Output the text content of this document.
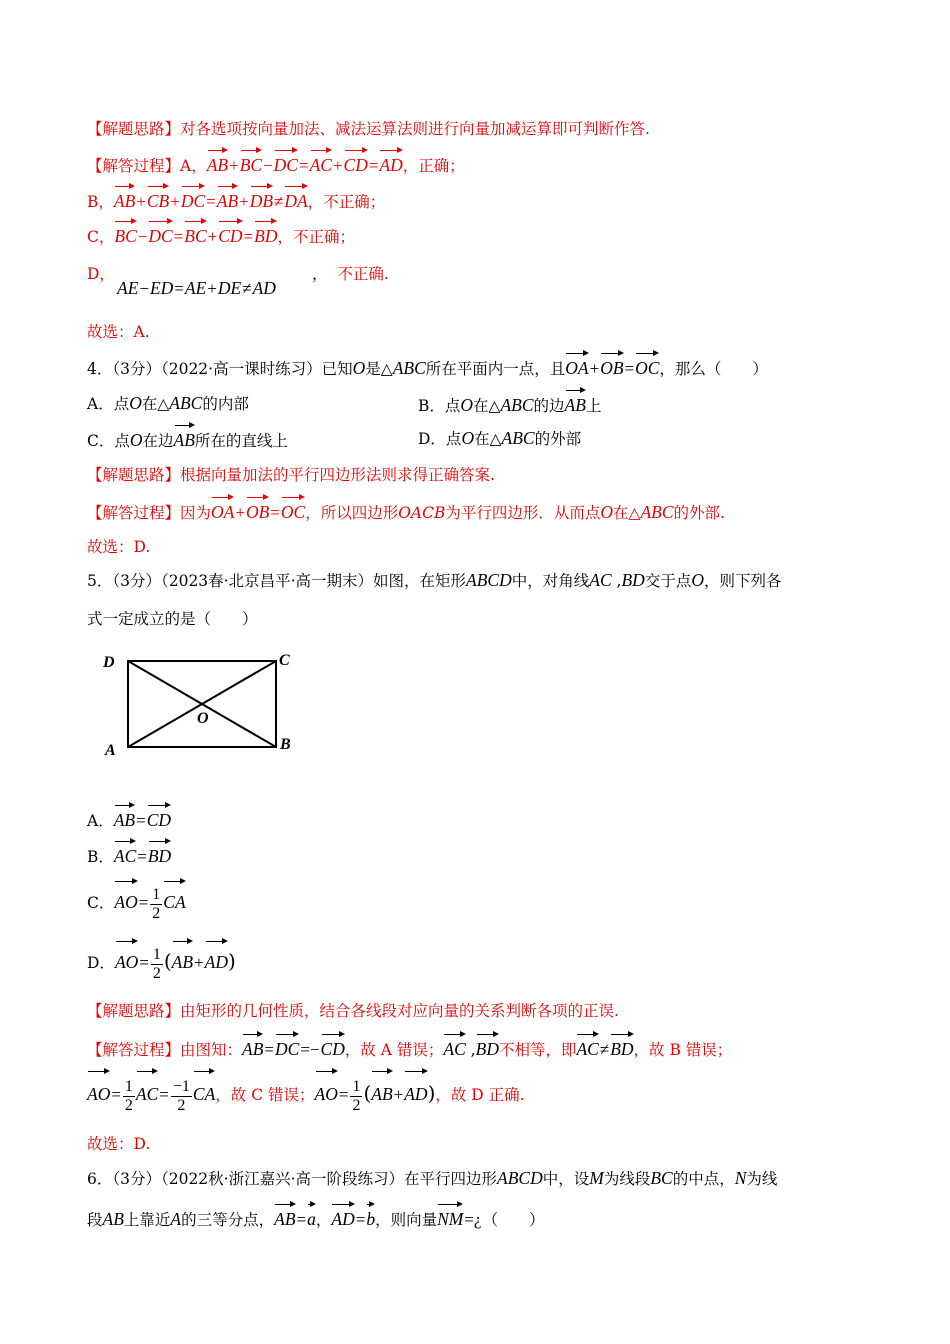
【解题思路】对各选项按向量加法、减法运算法则进行向量加减运算即可判断作答.
【解答过程】A，AB+BC−DC=AC+CD=AD，正确；
B，AB+CB+DC=AB+DB≠DA，不正确；
C，BC−DC=BC+CD=BD，不正确；
D，
AE−ED=AE+DE≠AD
， 不正确.
故选：A.
4．（3分）（2022·高一课时练习）已知O是△ABC所在平面内一点，且OA+OB=OC，那么（　　）
A．点O在△ABC的内部	B．点O在△ABC的边AB上
C．点O在边AB所在的直线上	D．点O在△ABC的外部
【解题思路】根据向量加法的平行四边形法则求得正确答案.
【解答过程】因为OA+OB=OC，所以四边形OACB为平行四边形．从而点O在△ABC的外部.
故选：D.
5．（3分）（2023春·北京昌平·高一期末）如图，在矩形ABCD中，对角线AC ,BD交于点O，则下列各
式一定成立的是（　　）
D	C
O
A	B
A．AB=CD
B．AC=BD
C．$AO= \frac{1}{2}$ CA
D．$AO= \frac{1}{2} (AB+AD)$
【解题思路】由矩形的几何性质，结合各线段对应向量的关系判断各项的正误.
【解答过程】由图知：AB=DC=−CD，故 A 错误；AC ,BD不相等，即AC≠BD，故 B 错误；
$AO= \frac{1}{2} AC= \frac{-1}{2}$ CA，故 C 错误；$AO= \frac{1}{2} (AB+AD)$，故 D 正确.
故选：D.
6．（3分）（2022秋·浙江嘉兴·高一阶段练习）在平行四边形ABCD中，设M为线段BC的中点，N为线
段AB上靠近A的三等分点，AB=a，AD=b，则向量NM=¿（　　）
